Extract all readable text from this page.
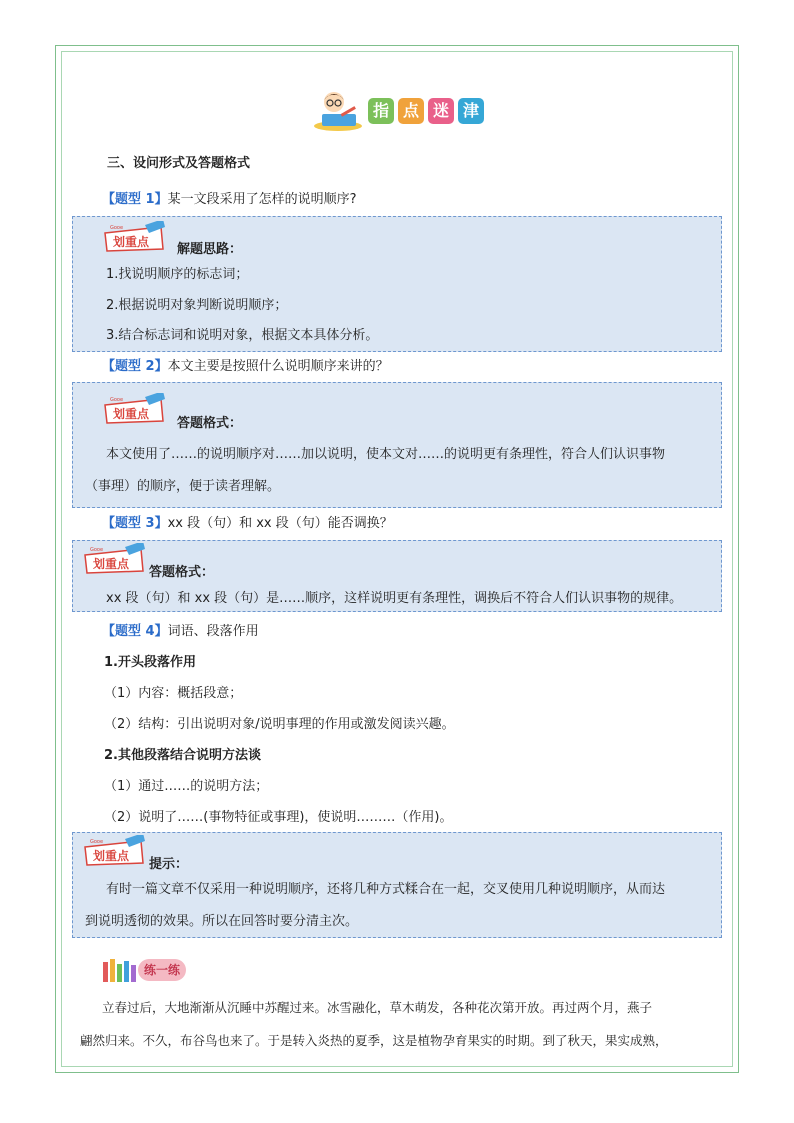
指 点 迷 津
三、设问形式及答题格式
【题型 1】某一文段采用了怎样的说明顺序?
Gooe
划重点 解题思路：
1.找说明顺序的标志词；
2.根据说明对象判断说明顺序；
3.结合标志词和说明对象，根据文本具体分析。
【题型 2】本文主要是按照什么说明顺序来讲的？
Gooe
划重点
答题格式：
本文使用了……的说明顺序对……加以说明，使本文对……的说明更有条理性，符合人们认识事物
（事理）的顺序，便于读者理解。
【题型 3】xx 段（句）和 xx 段（句）能否调换？
Gooe
划重点
答题格式：
xx 段（句）和 xx 段（句）是……顺序，这样说明更有条理性，调换后不符合人们认识事物的规律。
【题型 4】词语、段落作用
1.开头段落作用
（1）内容：概括段意；
（2）结构：引出说明对象/说明事理的作用或激发阅读兴趣。
2.其他段落结合说明方法谈
（1）通过……的说明方法；
（2）说明了……(事物特征或事理)，使说明………（作用)。
Gooe
划重点
提示：
有时一篇文章不仅采用一种说明顺序，还将几种方式糅合在一起，交叉使用几种说明顺序，从而达
到说明透彻的效果。所以在回答时要分清主次。
练一练
立春过后，大地渐渐从沉睡中苏醒过来。冰雪融化，草木萌发，各种花次第开放。再过两个月，燕子
翩然归来。不久，布谷鸟也来了。于是转入炎热的夏季，这是植物孕育果实的时期。到了秋天，果实成熟，
